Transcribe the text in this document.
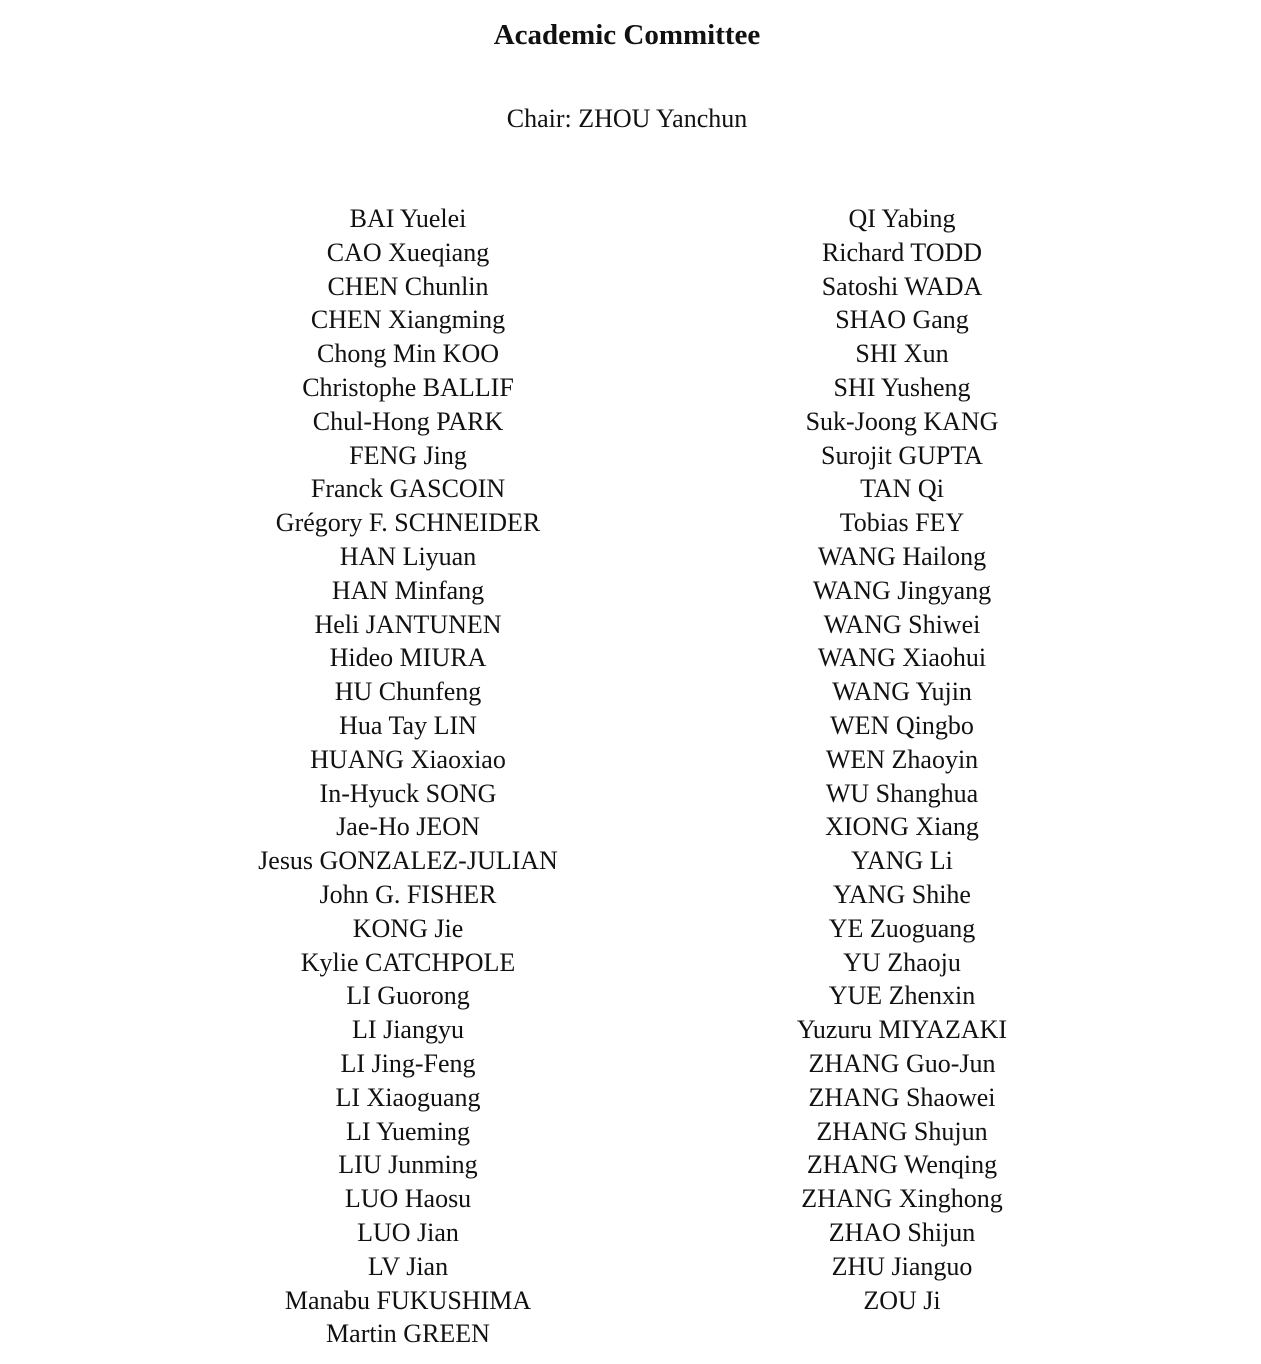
Academic Committee

Chair: ZHOU Yanchun

BAI Yuelei
CAO Xueqiang
CHEN Chunlin
CHEN Xiangming
Chong Min KOO
Christophe BALLIF
Chul-Hong PARK
FENG Jing
Franck GASCOIN
Grégory F. SCHNEIDER
HAN Liyuan
HAN Minfang
Heli JANTUNEN
Hideo MIURA
HU Chunfeng
Hua Tay LIN
HUANG Xiaoxiao
In-Hyuck SONG
Jae-Ho JEON
Jesus GONZALEZ-JULIAN
John G. FISHER
KONG Jie
Kylie CATCHPOLE
LI Guorong
LI Jiangyu
LI Jing-Feng
LI Xiaoguang
LI Yueming
LIU Junming
LUO Haosu
LUO Jian
LV Jian
Manabu FUKUSHIMA
Martin GREEN
QI Yabing
Richard TODD
Satoshi WADA
SHAO Gang
SHI Xun
SHI Yusheng
Suk-Joong KANG
Surojit GUPTA
TAN Qi
Tobias FEY
WANG Hailong
WANG Jingyang
WANG Shiwei
WANG Xiaohui
WANG Yujin
WEN Qingbo
WEN Zhaoyin
WU Shanghua
XIONG Xiang
YANG Li
YANG Shihe
YE Zuoguang
YU Zhaoju
YUE Zhenxin
Yuzuru MIYAZAKI
ZHANG Guo-Jun
ZHANG Shaowei
ZHANG Shujun
ZHANG Wenqing
ZHANG Xinghong
ZHAO Shijun
ZHU Jianguo
ZOU Ji
